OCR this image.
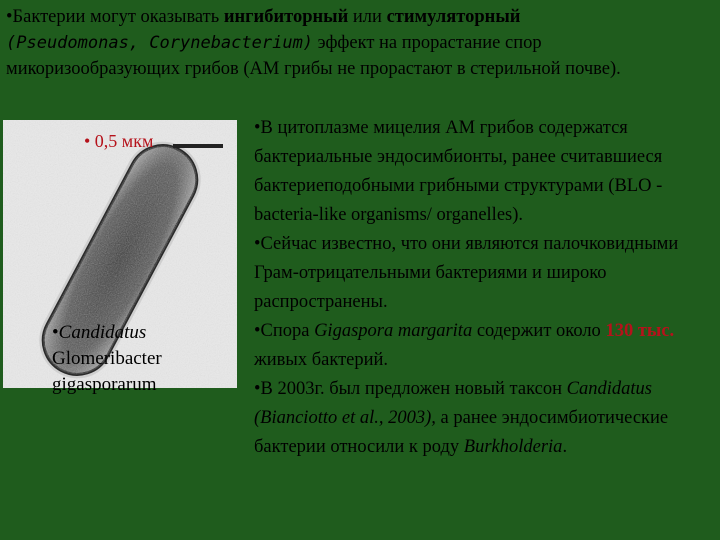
•Бактерии могут оказывать ингибиторный или стимуляторный
(Pseudomonas, Corynebacterium) эффект на прорастание спор микоризообразующих грибов (АМ грибы не прорастают в стерильной почве).
• 0,5 мкм
•Candidatus
Glomeribacter
gigasporarum

•В цитоплазме мицелия АМ грибов содержатся бактериальные эндосимбионты, ранее считавшиеся бактериеподобными грибными структурами (BLO - bacteria-like organisms/ organelles).

•Сейчас известно, что они являются палочковидными Грам-отрицательными бактериями и широко распространены.

•Спора Gigaspora margarita содержит около 130 тыс. живых бактерий.

•В 2003г. был предложен новый таксон Candidatus (Bianciotto et al., 2003), а ранее эндосимбиотические бактерии относили к роду Burkholderia.
